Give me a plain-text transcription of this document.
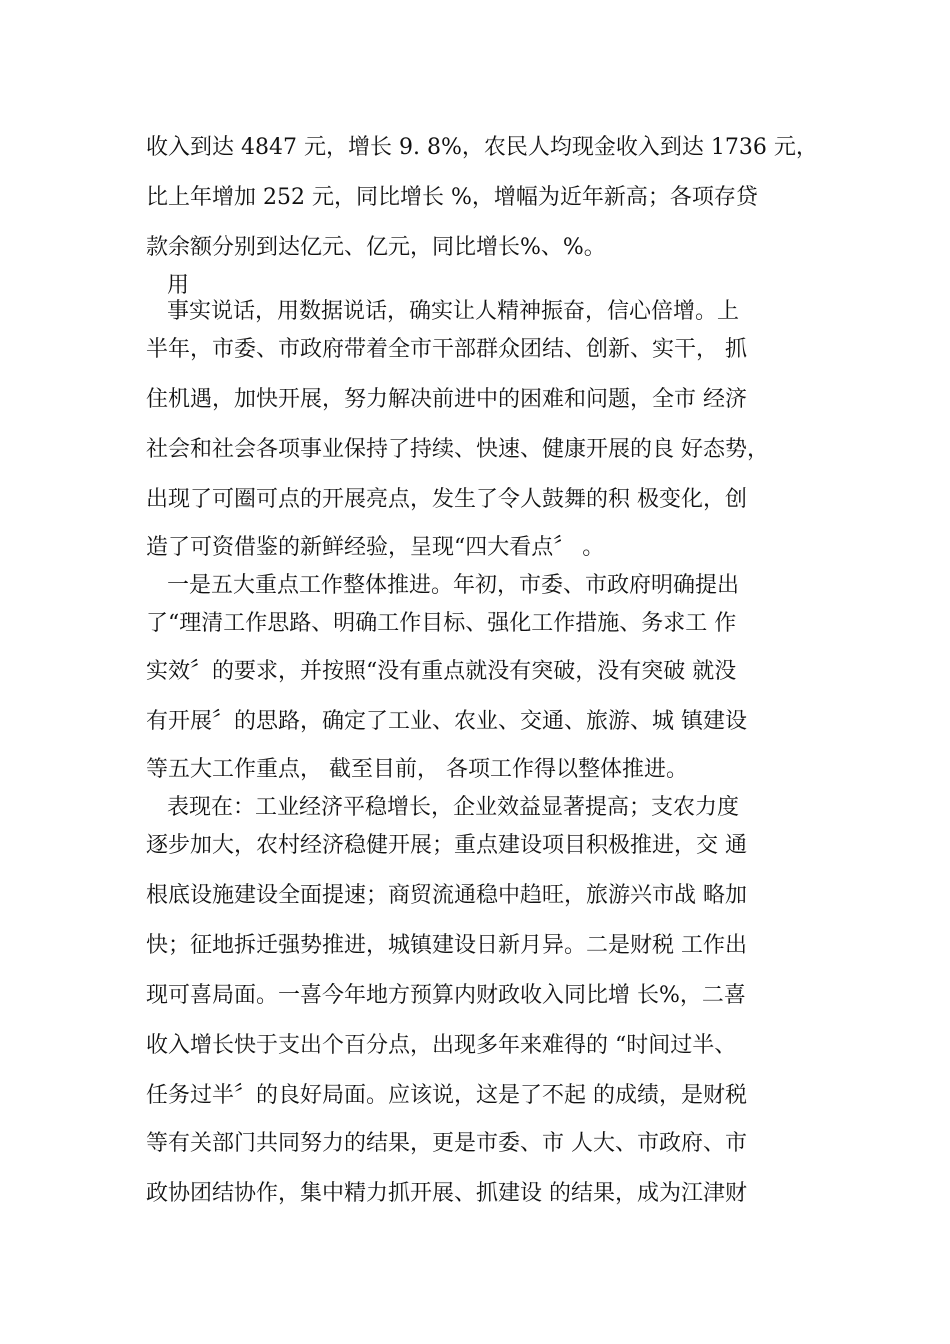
收入到达 4847 元，增长 9. 8%，农民人均现金收入到达 1736 元，
比上年增加 252 元，同比增长 %，增幅为近年新高；各项存贷
款余额分别到达亿元、亿元，同比增长%、%。
用
事实说话，用数据说话，确实让人精神振奋，信心倍增。上
半年，市委、市政府带着全市干部群众团结、创新、实干， 抓
住机遇，加快开展，努力解决前进中的困难和问题，全市 经济
社会和社会各项事业保持了持续、快速、健康开展的良 好态势，
出现了可圈可点的开展亮点，发生了令人鼓舞的积 极变化，创
造了可资借鉴的新鲜经验，呈现“四大看点〞 。
一是五大重点工作整体推进。年初，市委、市政府明确提出
了“理清工作思路、明确工作目标、强化工作措施、务求工 作
实效〞的要求，并按照“没有重点就没有突破，没有突破 就没
有开展〞的思路，确定了工业、农业、交通、旅游、城 镇建设
等五大工作重点， 截至目前， 各项工作得以整体推进。
表现在：工业经济平稳增长，企业效益显著提高；支农力度
逐步加大，农村经济稳健开展；重点建设项目积极推进，交 通
根底设施建设全面提速；商贸流通稳中趋旺，旅游兴市战 略加
快；征地拆迁强势推进，城镇建设日新月异。二是财税 工作出
现可喜局面。一喜今年地方预算内财政收入同比增 长%，二喜
收入增长快于支出个百分点，出现多年来难得的 “时间过半、
任务过半〞的良好局面。应该说，这是了不起 的成绩，是财税
等有关部门共同努力的结果，更是市委、市 人大、市政府、市
政协团结协作，集中精力抓开展、抓建设 的结果，成为江津财
